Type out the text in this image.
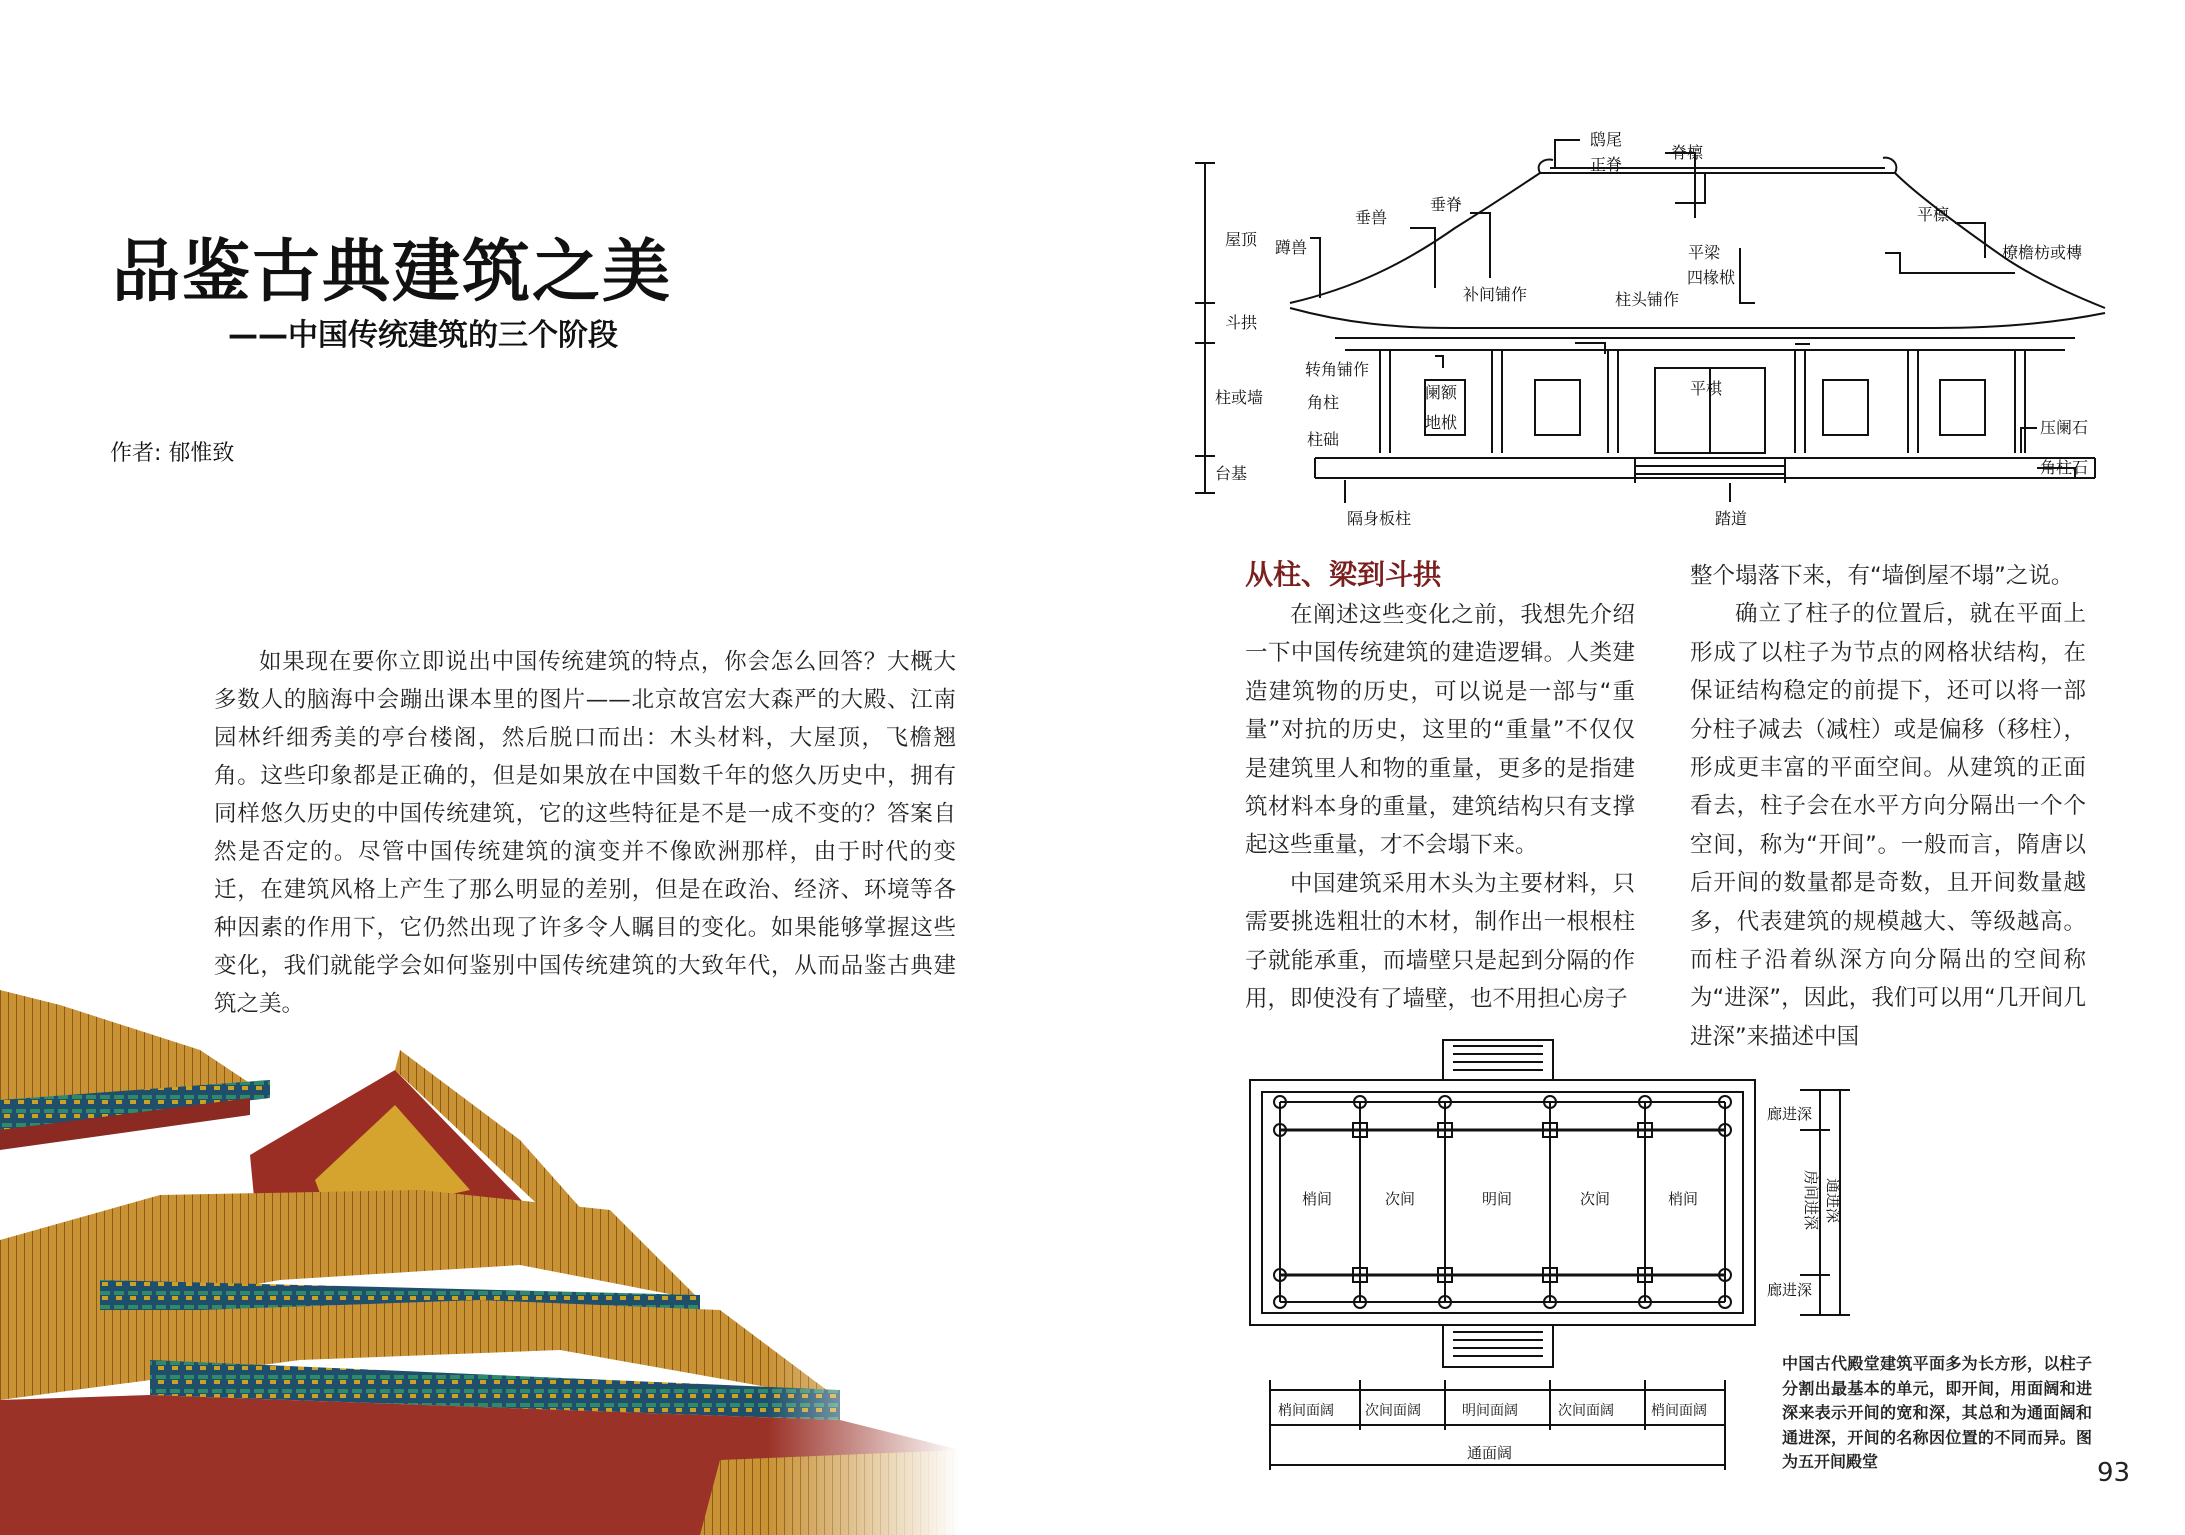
品鉴古典建筑之美
——中国传统建筑的三个阶段
作者: 郁惟致

如果现在要你立即说出中国传统建筑的特点，你会怎么回答？大概大多数人的脑海中会蹦出课本里的图片——北京故宫宏大森严的大殿、江南园林纤细秀美的亭台楼阁，然后脱口而出：木头材料，大屋顶，飞檐翘角。这些印象都是正确的，但是如果放在中国数千年的悠久历史中，拥有同样悠久历史的中国传统建筑，它的这些特征是不是一成不变的？答案自然是否定的。尽管中国传统建筑的演变并不像欧洲那样，由于时代的变迁，在建筑风格上产生了那么明显的差别，但是在政治、经济、环境等各种因素的作用下，它仍然出现了许多令人瞩目的变化。如果能够掌握这些变化，我们就能学会如何鉴别中国传统建筑的大致年代，从而品鉴古典建

屋顶
斗拱
柱或墙
台基
鸱尾
正脊
脊檩
垂兽
垂脊
平檩
蹲兽	平梁
四椽栿
橑檐枋或槫
补间铺作	柱头铺作
转角铺作
阑额
角柱
地栿
柱础
平棋
压阑石
角柱石
隔身板柱	踏道
从柱、梁到斗拱

在阐述这些变化之前，我想先介绍一下中国传统建筑的建造逻辑。人类建造建筑物的历史，可以说是一部与“重量”对抗的历史，这里的“重量”不仅仅是建筑里人和物的重量，更多的是指建筑材料本身的重量，建筑结构只有支撑起这些重量，才不会塌下来。

中国建筑采用木头为主要材料，只需要挑选粗壮的木材，制作出一根根柱子就能承重，而墙壁只是起到分隔的作用，即使没有了墙壁，也不用担心房子

整个塌落下来，有“墙倒屋不塌”之说。

确立了柱子的位置后，就在平面上形成了以柱子为节点的网格状结构，在保证结构稳定的前提下，还可以将一部分柱子减去（减柱）或是偏移（移柱），形成更丰富的平面空间。从建筑的正面看去，柱子会在水平方向分隔出一个个空间，称为“开间”。一般而言，隋唐以后开间的数量都是奇数，且开间数量越多，代表建筑的规模越大、等级越高。而柱子沿着纵深方向分隔出的空间称为“进深”，因此，我们可以用“几开间几进深”来描述中国

梢间	次间	明间	次间	梢间
廊进深
廊进深
梢间面阔 次间面阔	明间面阔	次间面阔	梢间面阔
通面阔
房间进深 通进深
中国古代殿堂建筑平面多为长方形，以柱子分割出最基本的单元，即开间，用面阔和进深来表示开间的宽和深，其总和为通面阔和通进深，开间的名称因位置的不同而异。图为五开间殿堂	93
